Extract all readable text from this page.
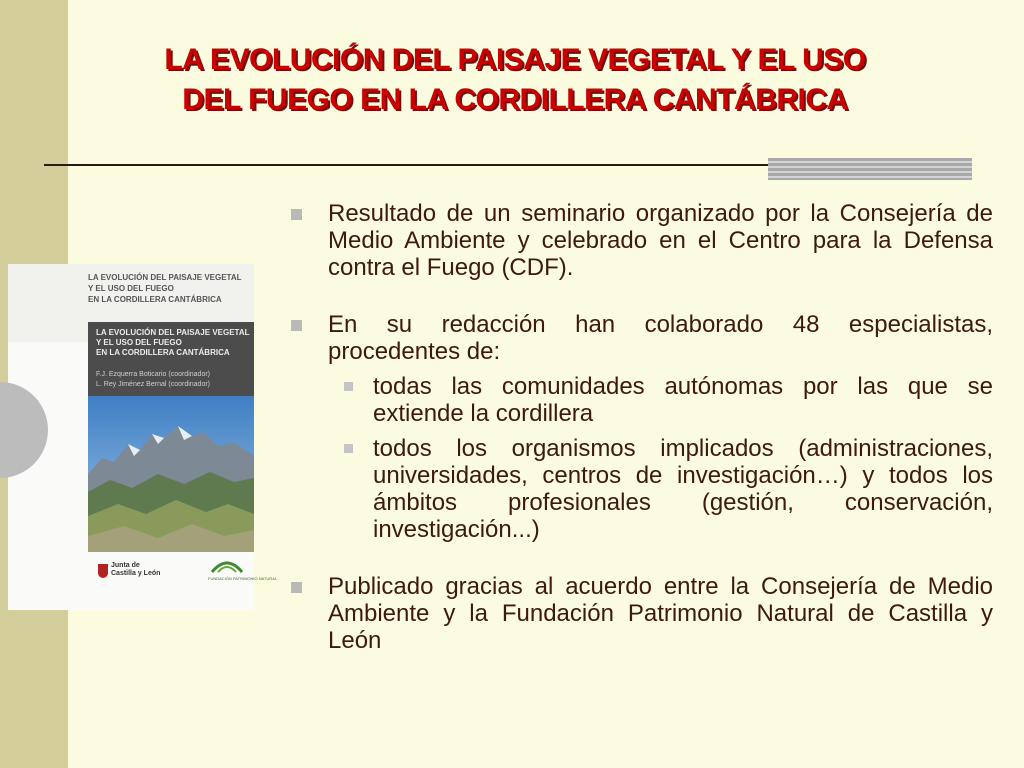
LA EVOLUCIÓN DEL PAISAJE VEGETAL Y EL USO
DEL FUEGO EN LA CORDILLERA CANTÁBRICA
LA EVOLUCIÓN DEL PAISAJE VEGETAL
Y EL USO DEL FUEGO
EN LA CORDILLERA CANTÁBRICA
LA EVOLUCIÓN DEL PAISAJE VEGETAL
Y EL USO DEL FUEGO
EN LA CORDILLERA CANTÁBRICA
F.J. Ezquerra Boticario (coordinador)
L. Rey Jiménez Bernal (coordinador)
Junta de
Castilla y León
FUNDACIÓN PATRIMONIO NATURAL
Resultado de un seminario organizado por la Consejería de Medio Ambiente y celebrado en el Centro para la Defensa contra el Fuego (CDF).
En su redacción han colaborado 48 especialistas, procedentes de:
todas las comunidades autónomas por las que se extiende la cordillera
todos los organismos implicados (administraciones, universidades, centros de investigación…) y todos los ámbitos profesionales (gestión, conservación, investigación...)
Publicado gracias al acuerdo entre la Consejería de Medio Ambiente y la Fundación Patrimonio Natural de Castilla y León
